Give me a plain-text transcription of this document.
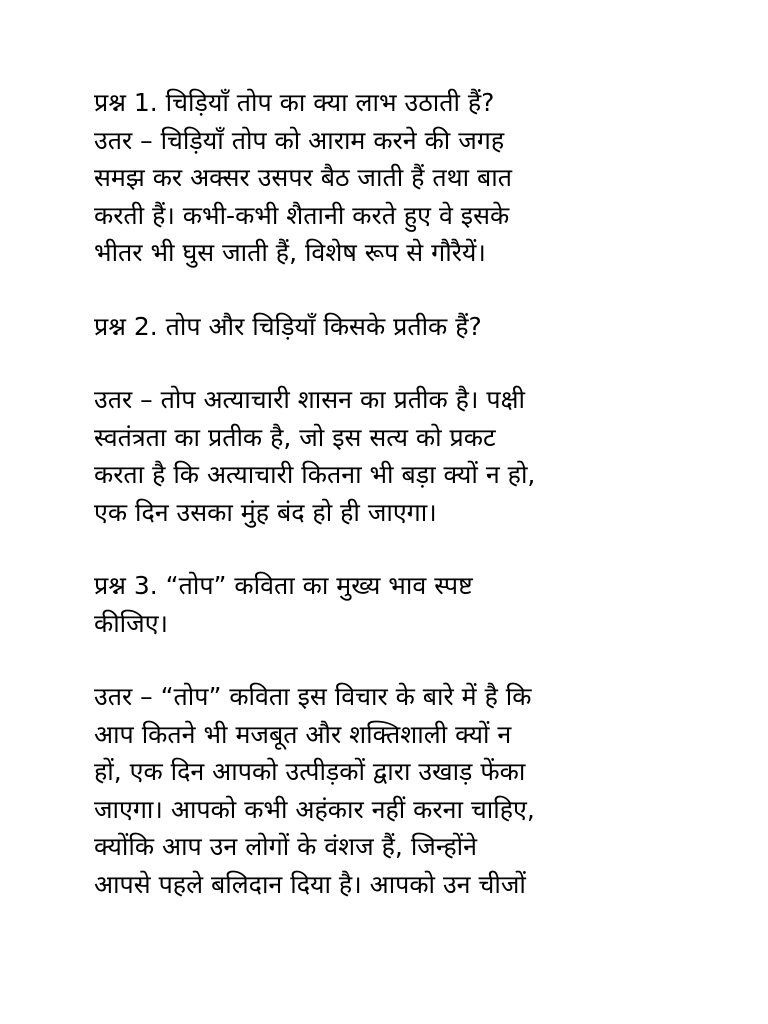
प्रश्न 1. चिड़ियाँ तोप का क्या लाभ उठाती हैं?
उतर – चिड़ियाँ तोप को आराम करने की जगह
समझ कर अक्सर उसपर बैठ जाती हैं तथा बात
करती हैं। कभी-कभी शैतानी करते हुए वे इसके
भीतर भी घुस जाती हैं, विशेष रूप से गौरैयें।
प्रश्न 2. तोप और चिड़ियाँ किसके प्रतीक हैं?
उतर – तोप अत्याचारी शासन का प्रतीक है। पक्षी
स्वतंत्रता का प्रतीक है, जो इस सत्य को प्रकट
करता है कि अत्याचारी कितना भी बड़ा क्यों न हो,
एक दिन उसका मुंह बंद हो ही जाएगा।
प्रश्न 3. “तोप” कविता का मुख्य भाव स्पष्ट
कीजिए।
उतर – “तोप” कविता इस विचार के बारे में है कि
आप कितने भी मजबूत और शक्तिशाली क्यों न
हों, एक दिन आपको उत्पीड़कों द्वारा उखाड़ फेंका
जाएगा। आपको कभी अहंकार नहीं करना चाहिए,
क्योंकि आप उन लोगों के वंशज हैं, जिन्होंने
आपसे पहले बलिदान दिया है। आपको उन चीजों
